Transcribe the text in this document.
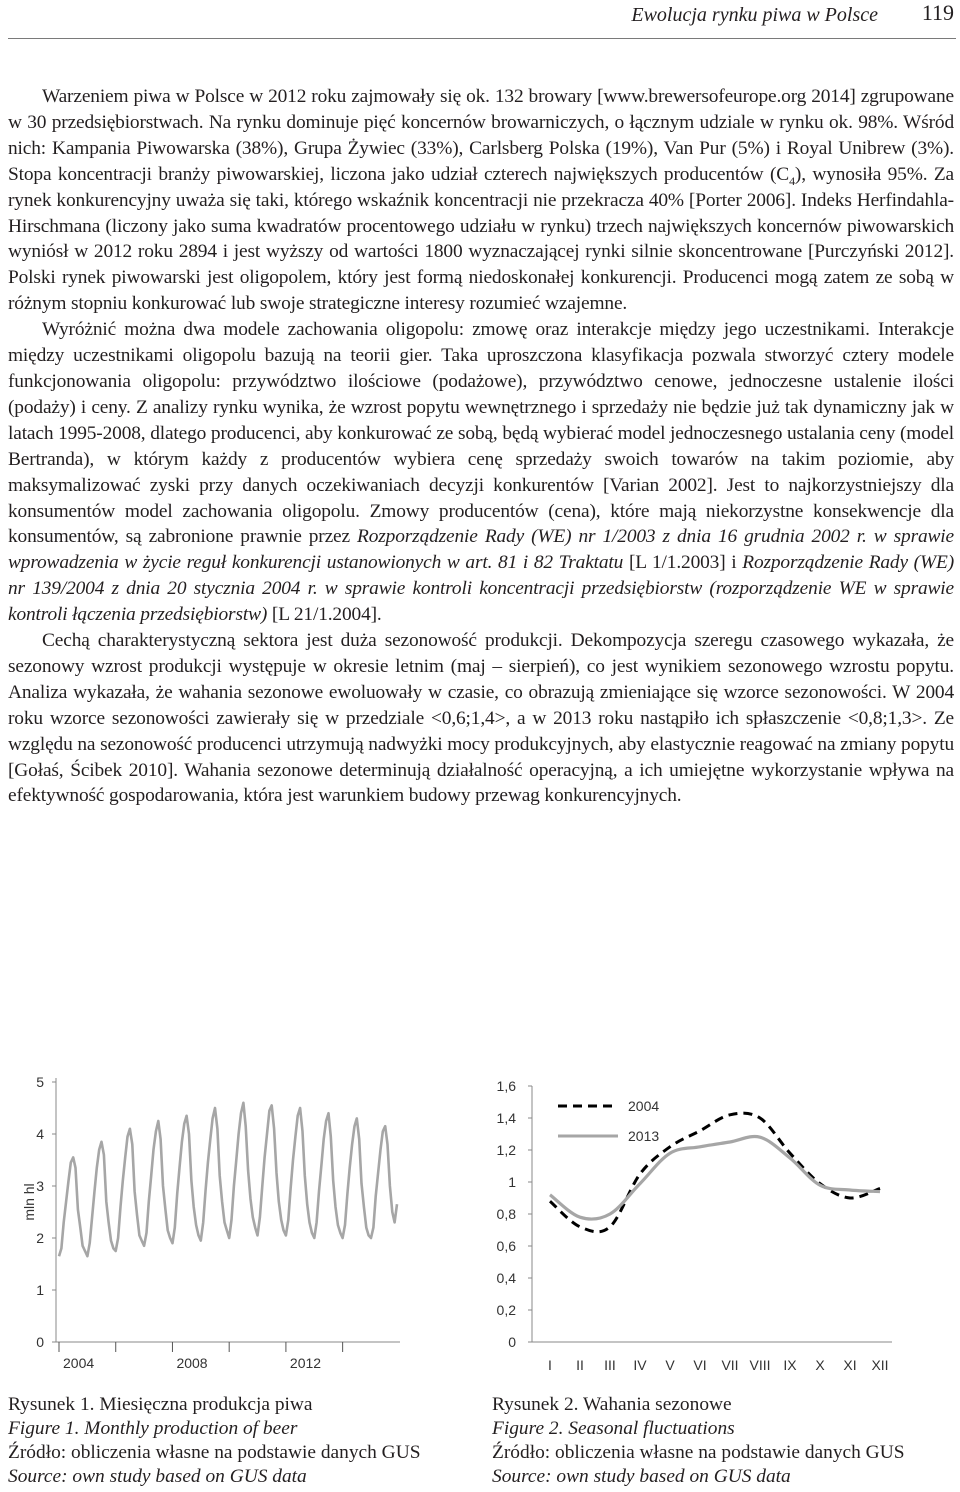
Ewolucja rynku piwa w Polsce 119

Warzeniem piwa w Polsce w 2012 roku zajmowały się ok. 132 browary [www.brewersofeurope.org 2014] zgrupowane w 30 przedsiębiorstwach. Na rynku dominuje pięć koncernów browarniczych, o łącznym udziale w rynku ok. 98%. Wśród nich: Kampania Piwowarska (38%), Grupa Żywiec (33%), Carlsberg Polska (19%), Van Pur (5%) i Royal Unibrew (3%). Stopa koncentracji branży piwowarskiej, liczona jako udział czterech największych producentów $(C_4)$, wynosiła 95%. Za rynek konkurencyjny uważa się taki, którego wskaźnik koncentracji nie przekracza 40% [Porter 2006]. Indeks Herfindahla-Hirschmana (liczony jako suma kwadratów procentowego udziału w rynku) trzech największych koncernów piwowarskich wyniósł w 2012 roku 2894 i jest wyższy od wartości 1800 wyznaczającej rynki silnie skoncentrowane [Purczyński 2012]. Polski rynek piwowarski jest oligopolem, który jest formą niedoskonałej konkurencji. Producenci mogą zatem ze sobą w różnym stopniu konkurować lub swoje strategiczne interesy rozumieć wzajemne.

Wyróżnić można dwa modele zachowania oligopolu: zmowę oraz interakcje między jego uczestnikami. Interakcje między uczestnikami oligopolu bazują na teorii gier. Taka uproszczona klasyfikacja pozwala stworzyć cztery modele funkcjonowania oligopolu: przywództwo ilościowe (podażowe), przywództwo cenowe, jednoczesne ustalenie ilości (podaży) i ceny. Z analizy rynku wynika, że wzrost popytu wewnętrznego i sprzedaży nie będzie już tak dynamiczny jak w latach 1995-2008, dlatego producenci, aby konkurować ze sobą, będą wybierać model jednoczesnego ustalania ceny (model Bertranda), w którym każdy z producentów wybiera cenę sprzedaży swoich towarów na takim poziomie, aby maksymalizować zyski przy danych oczekiwaniach decyzji konkurentów [Varian 2002]. Jest to najkorzystniejszy dla konsumentów model zachowania oligopolu. Zmowy producentów (cena), które mają niekorzystne konsekwencje dla konsumentów, są zabronione prawnie przez Rozporządzenie Rady (WE) nr 1/2003 z dnia 16 grudnia 2002 r. w sprawie wprowadzenia w życie reguł konkurencji ustanowionych w art. 81 i 82 Traktatu [L 1/1.2003] i Rozporządzenie Rady (WE) nr 139/2004 z dnia 20 stycznia 2004 r. w sprawie kontroli koncentracji przedsiębiorstw (rozporządzenie WE w sprawie kontroli łączenia przedsiębiorstw) [L 21/1.2004].

Cechą charakterystyczną sektora jest duża sezonowość produkcji. Dekompozycja szeregu czasowego wykazała, że sezonowy wzrost produkcji występuje w okresie letnim (maj – sierpień), co jest wynikiem sezonowego wzrostu popytu. Analiza wykazała, że wahania sezonowe ewoluowały w czasie, co obrazują zmieniające się wzorce sezonowości. W 2004 roku wzorce sezonowości zawierały się w przedziale <0,6;1,4>, a w 2013 roku nastąpiło ich spłaszczenie <0,8;1,3>. Ze względu na sezonowość producenci utrzymują nadwyżki mocy produkcyjnych, aby elastycznie reagować na zmiany popytu [Gołaś, Ścibek 2010]. Wahania sezonowe determinują działalność operacyjną, a ich umiejętne wykorzystanie wpływa na efektywność gospodarowania, która jest warunkiem budowy przewag konkurencyjnych.

0
1
2
3
4
5
mln hl
2004	2008	2012
0
0,2
0,4
0,6
0,8
1
1,2
1,4
1,6
I II III IV V VI VII VIII IX X XI XII
2004
2013
Rysunek 1. Miesięczna produkcja piwa
Figure 1. Monthly production of beer
Źródło: obliczenia własne na podstawie danych GUS
Source: own study based on GUS data
Rysunek 2. Wahania sezonowe
Figure 2. Seasonal fluctuations
Źródło: obliczenia własne na podstawie danych GUS
Source: own study based on GUS data
